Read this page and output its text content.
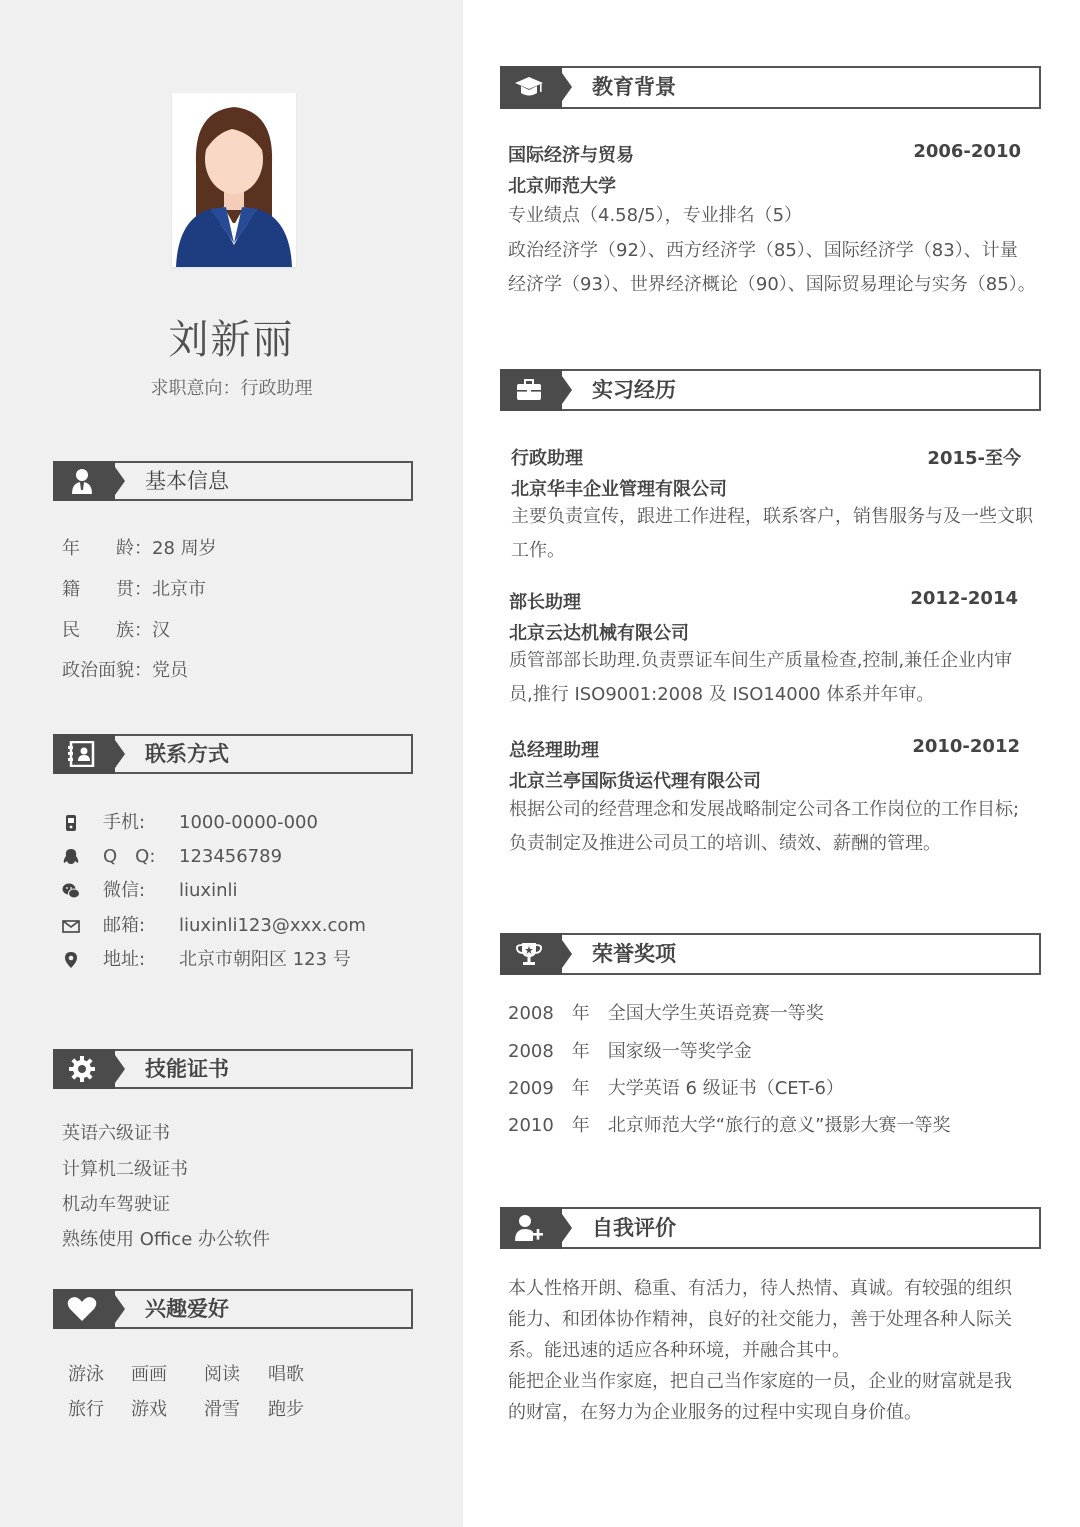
刘新丽
求职意向：行政助理
基本信息
年　　龄：28 周岁
籍　　贯：北京市
民　　族：汉
政治面貌：党员
联系方式
手机: 1000-0000-000
Q　Q: 123456789
微信: liuxinli
邮箱: liuxinli123@xxx.com
地址: 北京市朝阳区 123 号
技能证书
英语六级证书
计算机二级证书
机动车驾驶证
熟练使用 Office 办公软件
兴趣爱好
游泳 画画 阅读 唱歌
旅行 游戏 滑雪 跑步
教育背景
国际经济与贸易	2006-2010
北京师范大学
专业绩点（4.58/5），专业排名（5）
政治经济学（92）、西方经济学（85）、国际经济学（83）、计量
经济学（93）、世界经济概论（90）、国际贸易理论与实务（85）。
实习经历
行政助理	2015-至今
北京华丰企业管理有限公司
主要负责宣传，跟进工作进程，联系客户，销售服务与及一些文职
工作。
部长助理	2012-2014
北京云达机械有限公司
质管部部长助理.负责票证车间生产质量检查,控制,兼任企业内审
员,推行 ISO9001:2008 及 ISO14000 体系并年审。
总经理助理	2010-2012
北京兰亭国际货运代理有限公司
根据公司的经营理念和发展战略制定公司各工作岗位的工作目标;
负责制定及推进公司员工的培训、绩效、薪酬的管理。
荣誉奖项
2008　年　全国大学生英语竞赛一等奖
2008　年　国家级一等奖学金
2009　年　大学英语 6 级证书（CET-6）
2010　年　北京师范大学“旅行的意义”摄影大赛一等奖
自我评价
本人性格开朗、稳重、有活力，待人热情、真诚。有较强的组织
能力、和团体协作精神，良好的社交能力，善于处理各种人际关
系。能迅速的适应各种环境，并融合其中。
能把企业当作家庭，把自己当作家庭的一员，企业的财富就是我
的财富，在努力为企业服务的过程中实现自身价值。
